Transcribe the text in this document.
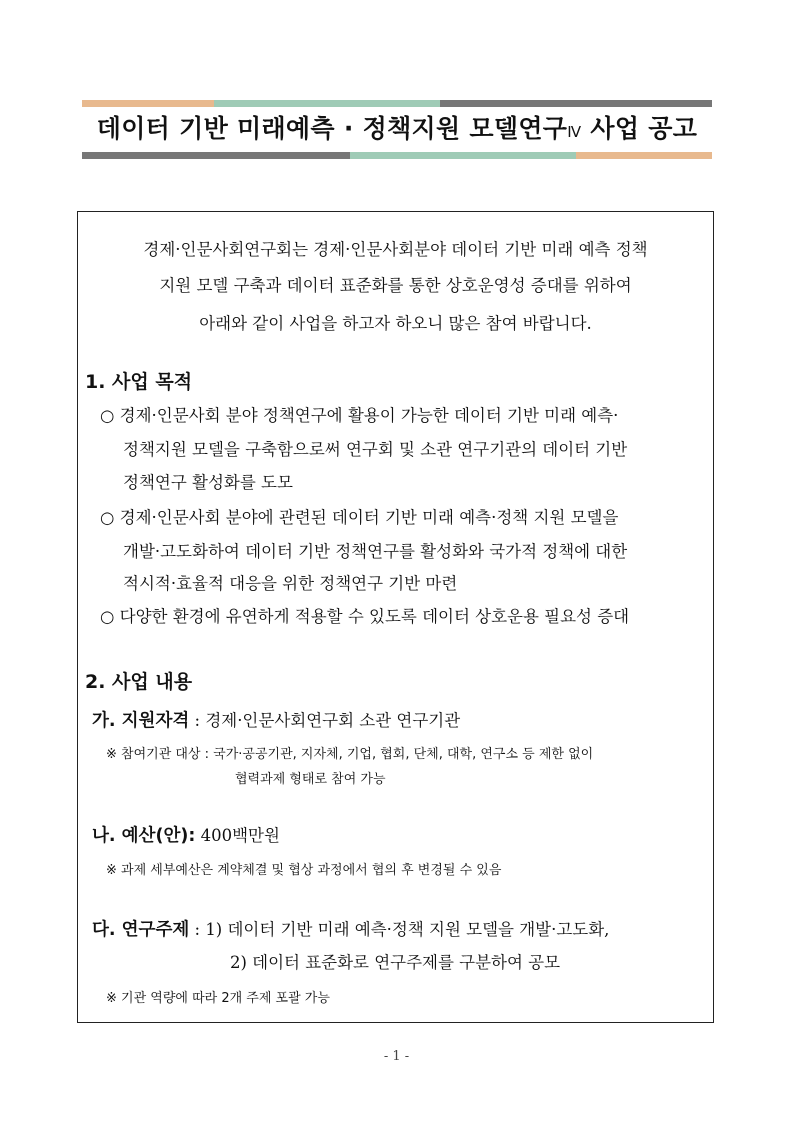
데이터 기반 미래예측 · 정책지원 모델연구Ⅳ 사업 공고
경제·인문사회연구회는 경제·인문사회분야 데이터 기반 미래 예측 정책
지원 모델 구축과 데이터 표준화를 통한 상호운영성 증대를 위하여
아래와 같이 사업을 하고자 하오니 많은 참여 바랍니다.
1. 사업 목적
○ 경제·인문사회 분야 정책연구에 활용이 가능한 데이터 기반 미래 예측·
정책지원 모델을 구축함으로써 연구회 및 소관 연구기관의 데이터 기반
정책연구 활성화를 도모
○ 경제·인문사회 분야에 관련된 데이터 기반 미래 예측·정책 지원 모델을
개발·고도화하여 데이터 기반 정책연구를 활성화와 국가적 정책에 대한
적시적·효율적 대응을 위한 정책연구 기반 마련
○ 다양한 환경에 유연하게 적용할 수 있도록 데이터 상호운용 필요성 증대
2. 사업 내용
가. 지원자격 : 경제·인문사회연구회 소관 연구기관
※ 참여기관 대상 : 국가·공공기관, 지자체, 기업, 협회, 단체, 대학, 연구소 등 제한 없이
협력과제 형태로 참여 가능
나. 예산(안): 400백만원
※ 과제 세부예산은 계약체결 및 협상 과정에서 협의 후 변경될 수 있음
다. 연구주제 : 1) 데이터 기반 미래 예측·정책 지원 모델을 개발·고도화,
2) 데이터 표준화로 연구주제를 구분하여 공모
※ 기관 역량에 따라 2개 주제 포괄 가능
- 1 -
